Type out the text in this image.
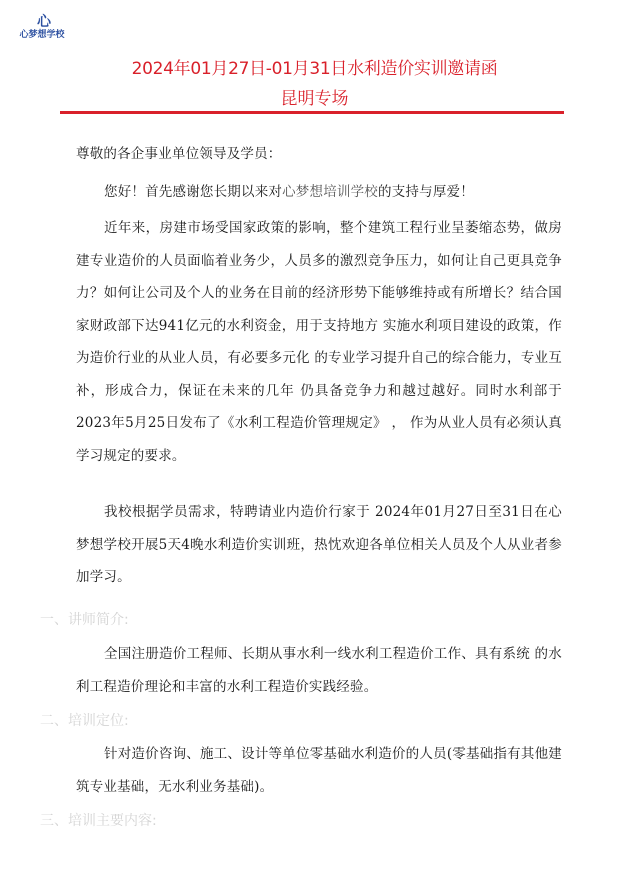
心
心梦想学校
2024年01月27日-01月31日水利造价实训邀请函
昆明专场
尊敬的各企事业单位领导及学员：
您好！首先感谢您长期以来对心梦想培训学校的支持与厚爱！
近年来，房建市场受国家政策的影响，整个建筑工程行业呈萎缩态势，做房建专业造价的人员面临着业务少，人员多的激烈竞争压力，如何让自己更具竞争力？如何让公司及个人的业务在目前的经济形势下能够维持或有所增长？结合国家财政部下达941亿元的水利资金，用于支持地方 实施水利项目建设的政策，作为造价行业的从业人员，有必要多元化 的专业学习提升自己的综合能力，专业互补，形成合力，保证在未来的几年 仍具备竞争力和越过越好。同时水利部于2023年5月25日发布了《水利工程造价管理规定》 ， 作为从业人员有必须认真学习规定的要求。
我校根据学员需求，特聘请业内造价行家于 2024年01月27日至31日在心梦想学校开展5天4晚水利造价实训班，热忱欢迎各单位相关人员及个人从业者参加学习。
一、讲师简介:
全国注册造价工程师、长期从事水利一线水利工程造价工作、具有系统 的水利工程造价理论和丰富的水利工程造价实践经验。
二、培训定位:
针对造价咨询、施工、设计等单位零基础水利造价的人员(零基础指有其他建筑专业基础，无水利业务基础)。
三、培训主要内容:
